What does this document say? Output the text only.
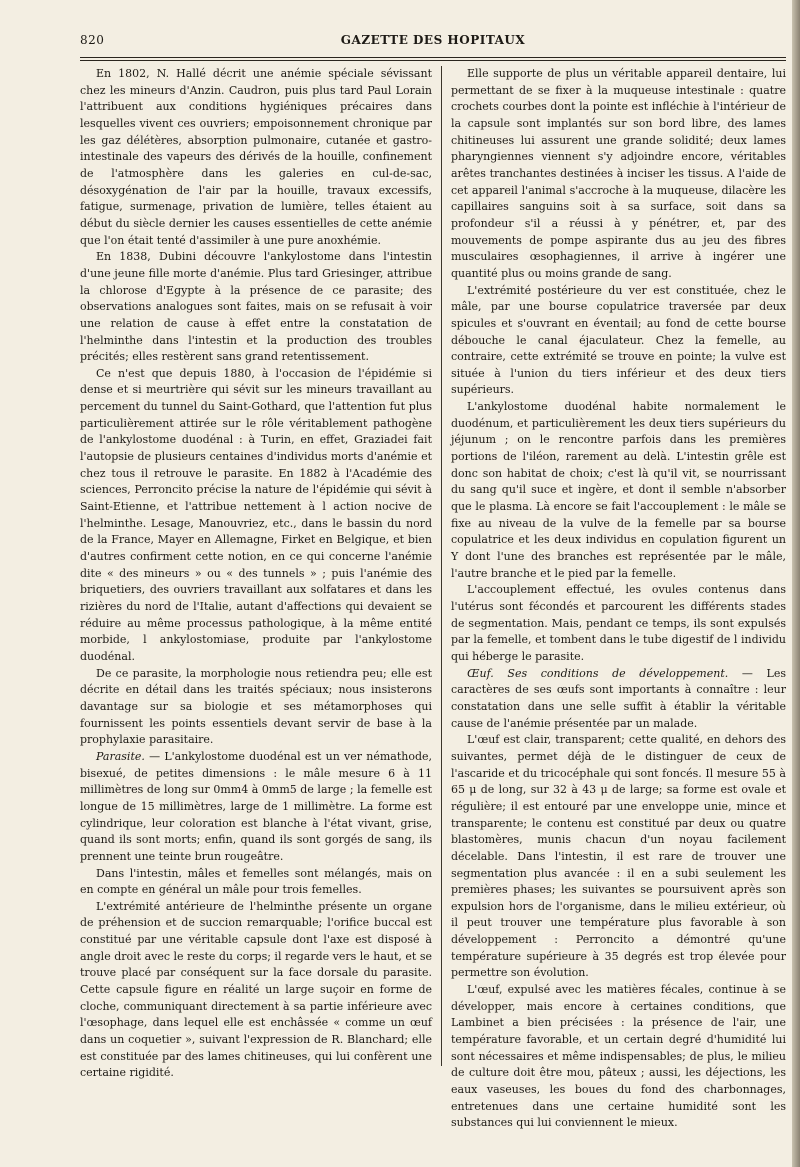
820	GAZETTE DES HOPITAUX

En 1802, N. Hallé décrit une anémie spéciale sévissant chez les mineurs d'Anzin. Caudron, puis plus tard Paul Lorain l'attribuent aux conditions hygiéniques précaires dans lesquelles vivent ces ouvriers; empoisonnement chronique par les gaz délétères, absorption pulmonaire, cutanée et gastro-intestinale des vapeurs des dérivés de la houille, confinement de l'atmosphère dans les galeries en cul-de-sac, désoxygénation de l'air par la houille, travaux excessifs, fatigue, surmenage, privation de lumière, telles étaient au début du siècle dernier les causes essentielles de cette anémie que l'on était tenté d'assimiler à une pure anoxhémie.

En 1838, Dubini découvre l'ankylostome dans l'intestin d'une jeune fille morte d'anémie. Plus tard Griesinger, attribue la chlorose d'Egypte à la présence de ce parasite; des observations analogues sont faites, mais on se refusait à voir une relation de cause à effet entre la constatation de l'helminthe dans l'intestin et la production des troubles précités; elles restèrent sans grand retentissement.

Ce n'est que depuis 1880, à l'occasion de l'épidémie si dense et si meurtrière qui sévit sur les mineurs travaillant au percement du tunnel du Saint-Gothard, que l'attention fut plus particulièrement attirée sur le rôle véritablement pathogène de l'ankylostome duodénal : à Turin, en effet, Graziadei fait l'autopsie de plusieurs centaines d'individus morts d'anémie et chez tous il retrouve le parasite. En 1882 à l'Académie des sciences, Perroncito précise la nature de l'épidémie qui sévit à Saint-Etienne, et l'attribue nettement à l action nocive de l'helminthe. Lesage, Manouvriez, etc., dans le bassin du nord de la France, Mayer en Allemagne, Firket en Belgique, et bien d'autres confirment cette notion, en ce qui concerne l'anémie dite « des mineurs » ou « des tunnels » ; puis l'anémie des briquetiers, des ouvriers travaillant aux solfatares et dans les rizières du nord de l'Italie, autant d'affections qui devaient se réduire au même processus pathologique, à la même entité morbide, l ankylostomiase, produite par l'ankylostome duodénal.

De ce parasite, la morphologie nous retiendra peu; elle est décrite en détail dans les traités spéciaux; nous insisterons davantage sur sa biologie et ses métamorphoses qui fournissent les points essentiels devant servir de base à la prophylaxie parasitaire.

Parasite. — L'ankylostome duodénal est un ver némathode, bisexué, de petites dimensions : le mâle mesure 6 à 11 millimètres de long sur 0mm4 à 0mm5 de large ; la femelle est longue de 15 millimètres, large de 1 millimètre. La forme est cylindrique, leur coloration est blanche à l'état vivant, grise, quand ils sont morts; enfin, quand ils sont gorgés de sang, ils prennent une teinte brun rougeâtre.

Dans l'intestin, mâles et femelles sont mélangés, mais on en compte en général un mâle pour trois femelles.

L'extrémité antérieure de l'helminthe présente un organe de préhension et de succion remarquable; l'orifice buccal est constitué par une véritable capsule dont l'axe est disposé à angle droit avec le reste du corps; il regarde vers le haut, et se trouve placé par conséquent sur la face dorsale du parasite. Cette capsule figure en réalité un large suçoir en forme de cloche, communiquant directement à sa partie inférieure avec l'œsophage, dans lequel elle est enchâssée « comme un œuf dans un coquetier », suivant l'expression de R. Blanchard; elle est constituée par des lames chitineuses, qui lui confèrent une certaine rigidité.

Elle supporte de plus un véritable appareil dentaire, lui permettant de se fixer à la muqueuse intestinale : quatre crochets courbes dont la pointe est infléchie à l'intérieur de la capsule sont implantés sur son bord libre, des lames chitineuses lui assurent une grande solidité; deux lames pharyngiennes viennent s'y adjoindre encore, véritables arêtes tranchantes destinées à inciser les tissus. A l'aide de cet appareil l'animal s'accroche à la muqueuse, dilacère les capillaires sanguins soit à sa surface, soit dans sa profondeur s'il a réussi à y pénétrer, et, par des mouvements de pompe aspirante dus au jeu des fibres musculaires œsophagiennes, il arrive à ingérer une quantité plus ou moins grande de sang.

L'extrémité postérieure du ver est constituée, chez le mâle, par une bourse copulatrice traversée par deux spicules et s'ouvrant en éventail; au fond de cette bourse débouche le canal éjaculateur. Chez la femelle, au contraire, cette extrémité se trouve en pointe; la vulve est située à l'union du tiers inférieur et des deux tiers supérieurs.

L'ankylostome duodénal habite normalement le duodénum, et particulièrement les deux tiers supérieurs du jéjunum ; on le rencontre parfois dans les premières portions de l'iléon, rarement au delà. L'intestin grêle est donc son habitat de choix; c'est là qu'il vit, se nourrissant du sang qu'il suce et ingère, et dont il semble n'absorber que le plasma. Là encore se fait l'accouplement : le mâle se fixe au niveau de la vulve de la femelle par sa bourse copulatrice et les deux individus en copulation figurent un Y dont l'une des branches est représentée par le mâle, l'autre branche et le pied par la femelle.

L'accouplement effectué, les ovules contenus dans l'utérus sont fécondés et parcourent les différents stades de segmentation. Mais, pendant ce temps, ils sont expulsés par la femelle, et tombent dans le tube digestif de l individu qui héberge le parasite.

Œuf. Ses conditions de développement. — Les caractères de ses œufs sont importants à connaître : leur constatation dans une selle suffit à établir la véritable cause de l'anémie présentée par un malade.

L'œuf est clair, transparent; cette qualité, en dehors des suivantes, permet déjà de le distinguer de ceux de l'ascaride et du tricocéphale qui sont foncés. Il mesure 55 à 65 μ de long, sur 32 à 43 μ de large; sa forme est ovale et régulière; il est entouré par une enveloppe unie, mince et transparente; le contenu est constitué par deux ou quatre blastomères, munis chacun d'un noyau facilement décelable. Dans l'intestin, il est rare de trouver une segmentation plus avancée : il en a subi seulement les premières phases; les suivantes se poursuivent après son expulsion hors de l'organisme, dans le milieu extérieur, où il peut trouver une température plus favorable à son développement : Perroncito a démontré qu'une température supérieure à 35 degrés est trop élevée pour permettre son évolution.

L'œuf, expulsé avec les matières fécales, continue à se développer, mais encore à certaines conditions, que Lambinet a bien précisées : la présence de l'air, une température favorable, et un certain degré d'humidité lui sont nécessaires et même indispensables; de plus, le milieu de culture doit être mou, pâteux ; aussi, les déjections, les eaux vaseuses, les boues du fond des charbonnages, entretenues dans une certaine humidité sont les substances qui lui conviennent le mieux.
